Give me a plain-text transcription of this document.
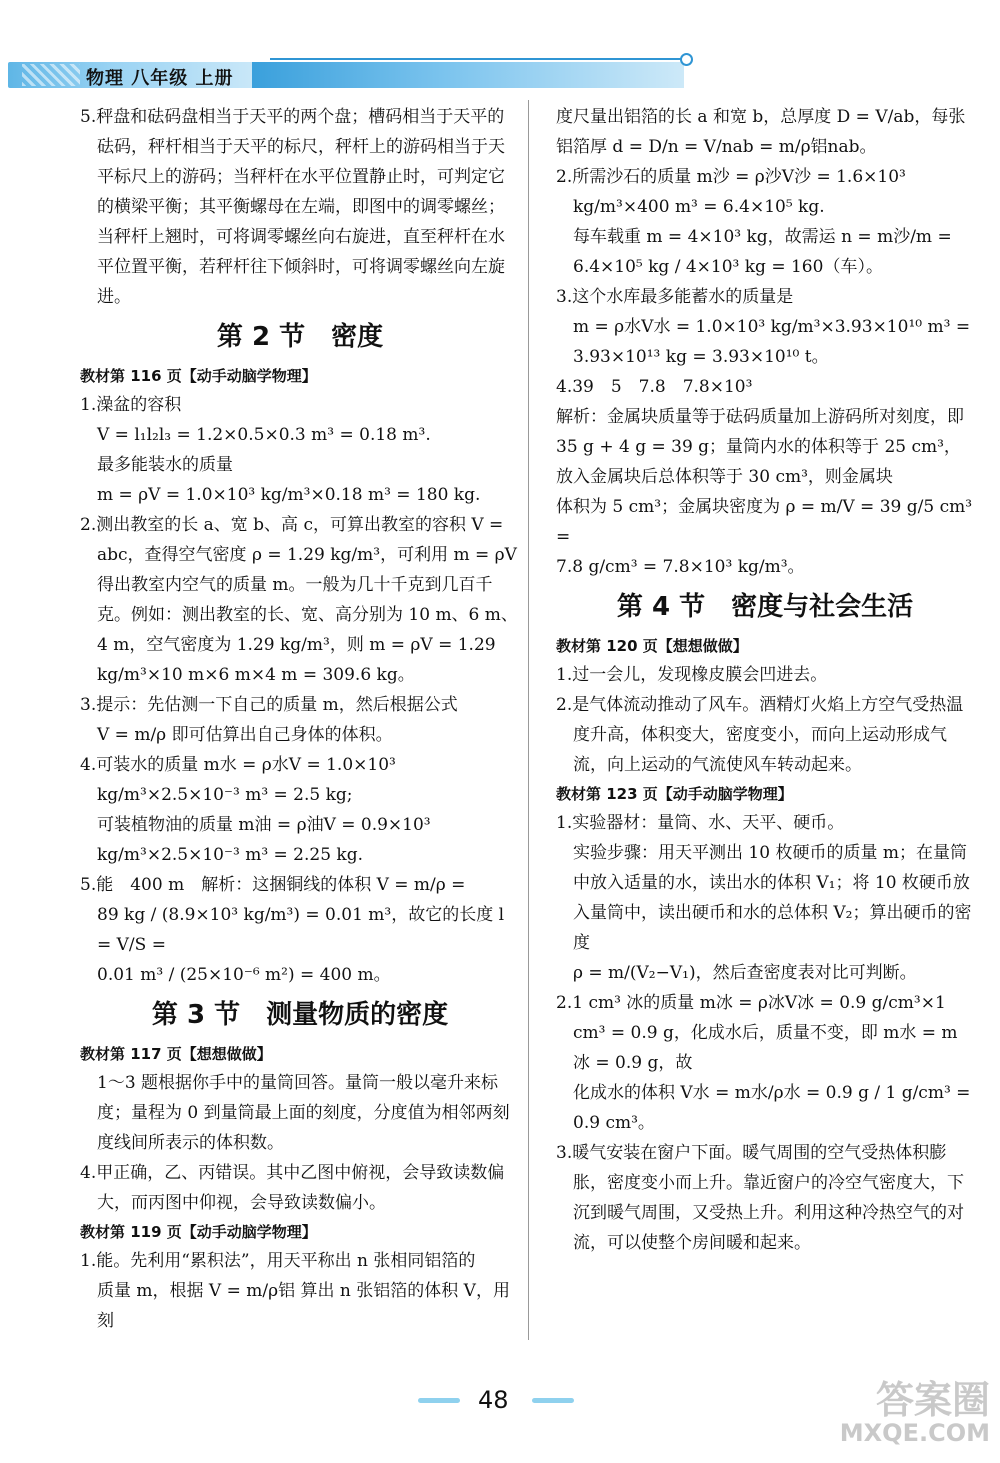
物理 八年级 上册

5.秤盘和砝码盘相当于天平的两个盘；槽码相当于天平的砝码，秤杆相当于天平的标尺，秤杆上的游码相当于天平标尺上的游码；当秤杆在水平位置静止时，可判定它的横梁平衡；其平衡螺母在左端，即图中的调零螺丝；当秤杆上翘时，可将调零螺丝向右旋进，直至秤杆在水平位置平衡，若秤杆往下倾斜时，可将调零螺丝向左旋进。

第 2 节　密度
教材第 116 页【动手动脑学物理】

1.澡盆的容积

V = l₁l₂l₃ = 1.2×0.5×0.3 m³ = 0.18 m³.

最多能装水的质量

m = ρV = 1.0×10³ kg/m³×0.18 m³ = 180 kg.

2.测出教室的长 a、宽 b、高 c，可算出教室的容积 V = abc，查得空气密度 ρ = 1.29 kg/m³，可利用 m = ρV 得出教室内空气的质量 m。一般为几十千克到几百千克。例如：测出教室的长、宽、高分别为 10 m、6 m、4 m，空气密度为 1.29 kg/m³，则 m = ρV = 1.29 kg/m³×10 m×6 m×4 m = 309.6 kg。

3.提示：先估测一下自己的质量 m，然后根据公式

V = m/ρ 即可估算出自己身体的体积。

4.可装水的质量 m水 = ρ水V = 1.0×10³ kg/m³×2.5×10⁻³ m³ = 2.5 kg;

可装植物油的质量 m油 = ρ油V = 0.9×10³ kg/m³×2.5×10⁻³ m³ = 2.25 kg.

5.能　400 m　解析：这捆铜线的体积 V = m/ρ =

89 kg / (8.9×10³ kg/m³) = 0.01 m³，故它的长度 l = V/S =

0.01 m³ / (25×10⁻⁶ m²) = 400 m。

第 3 节　测量物质的密度
教材第 117 页【想想做做】

1～3 题根据你手中的量筒回答。量筒一般以毫升来标度；量程为 0 到量筒最上面的刻度，分度值为相邻两刻度线间所表示的体积数。

4.甲正确，乙、丙错误。其中乙图中俯视，会导致读数偏大，而丙图中仰视，会导致读数偏小。

教材第 119 页【动手动脑学物理】

1.能。先利用“累积法”，用天平称出 n 张相同铝箔的

质量 m，根据 V = m/ρ铝 算出 n 张铝箔的体积 V，用刻

度尺量出铝箔的长 a 和宽 b，总厚度 D = V/ab，每张

铝箔厚 d = D/n = V/nab = m/ρ铝nab。

2.所需沙石的质量 m沙 = ρ沙V沙 = 1.6×10³ kg/m³×400 m³ = 6.4×10⁵ kg.

每车载重 m = 4×10³ kg，故需运 n = m沙/m =

6.4×10⁵ kg / 4×10³ kg = 160（车）。

3.这个水库最多能蓄水的质量是

m = ρ水V水 = 1.0×10³ kg/m³×3.93×10¹⁰ m³ = 3.93×10¹³ kg = 3.93×10¹⁰ t。

4.39　5　7.8　7.8×10³

解析：金属块质量等于砝码质量加上游码所对刻度，即 35 g + 4 g = 39 g；量筒内水的体积等于 25 cm³，放入金属块后总体积等于 30 cm³，则金属块

体积为 5 cm³；金属块密度为 ρ = m/V = 39 g/5 cm³ =

7.8 g/cm³ = 7.8×10³ kg/m³。

第 4 节　密度与社会生活
教材第 120 页【想想做做】

1.过一会儿，发现橡皮膜会凹进去。

2.是气体流动推动了风车。酒精灯火焰上方空气受热温度升高，体积变大，密度变小，而向上运动形成气流，向上运动的气流使风车转动起来。

教材第 123 页【动手动脑学物理】

1.实验器材：量筒、水、天平、硬币。

实验步骤：用天平测出 10 枚硬币的质量 m；在量筒中放入适量的水，读出水的体积 V₁；将 10 枚硬币放入量筒中，读出硬币和水的总体积 V₂；算出硬币的密度

ρ = m/(V₂−V₁)，然后查密度表对比可判断。

2.1 cm³ 冰的质量 m冰 = ρ冰V冰 = 0.9 g/cm³×1 cm³ = 0.9 g，化成水后，质量不变，即 m水 = m冰 = 0.9 g，故

化成水的体积 V水 = m水/ρ水 = 0.9 g / 1 g/cm³ = 0.9 cm³。

3.暖气安装在窗户下面。暖气周围的空气受热体积膨胀，密度变小而上升。靠近窗户的冷空气密度大，下沉到暖气周围，又受热上升。利用这种冷热空气的对流，可以使整个房间暖和起来。

48	答案圈
MXQE.COM
